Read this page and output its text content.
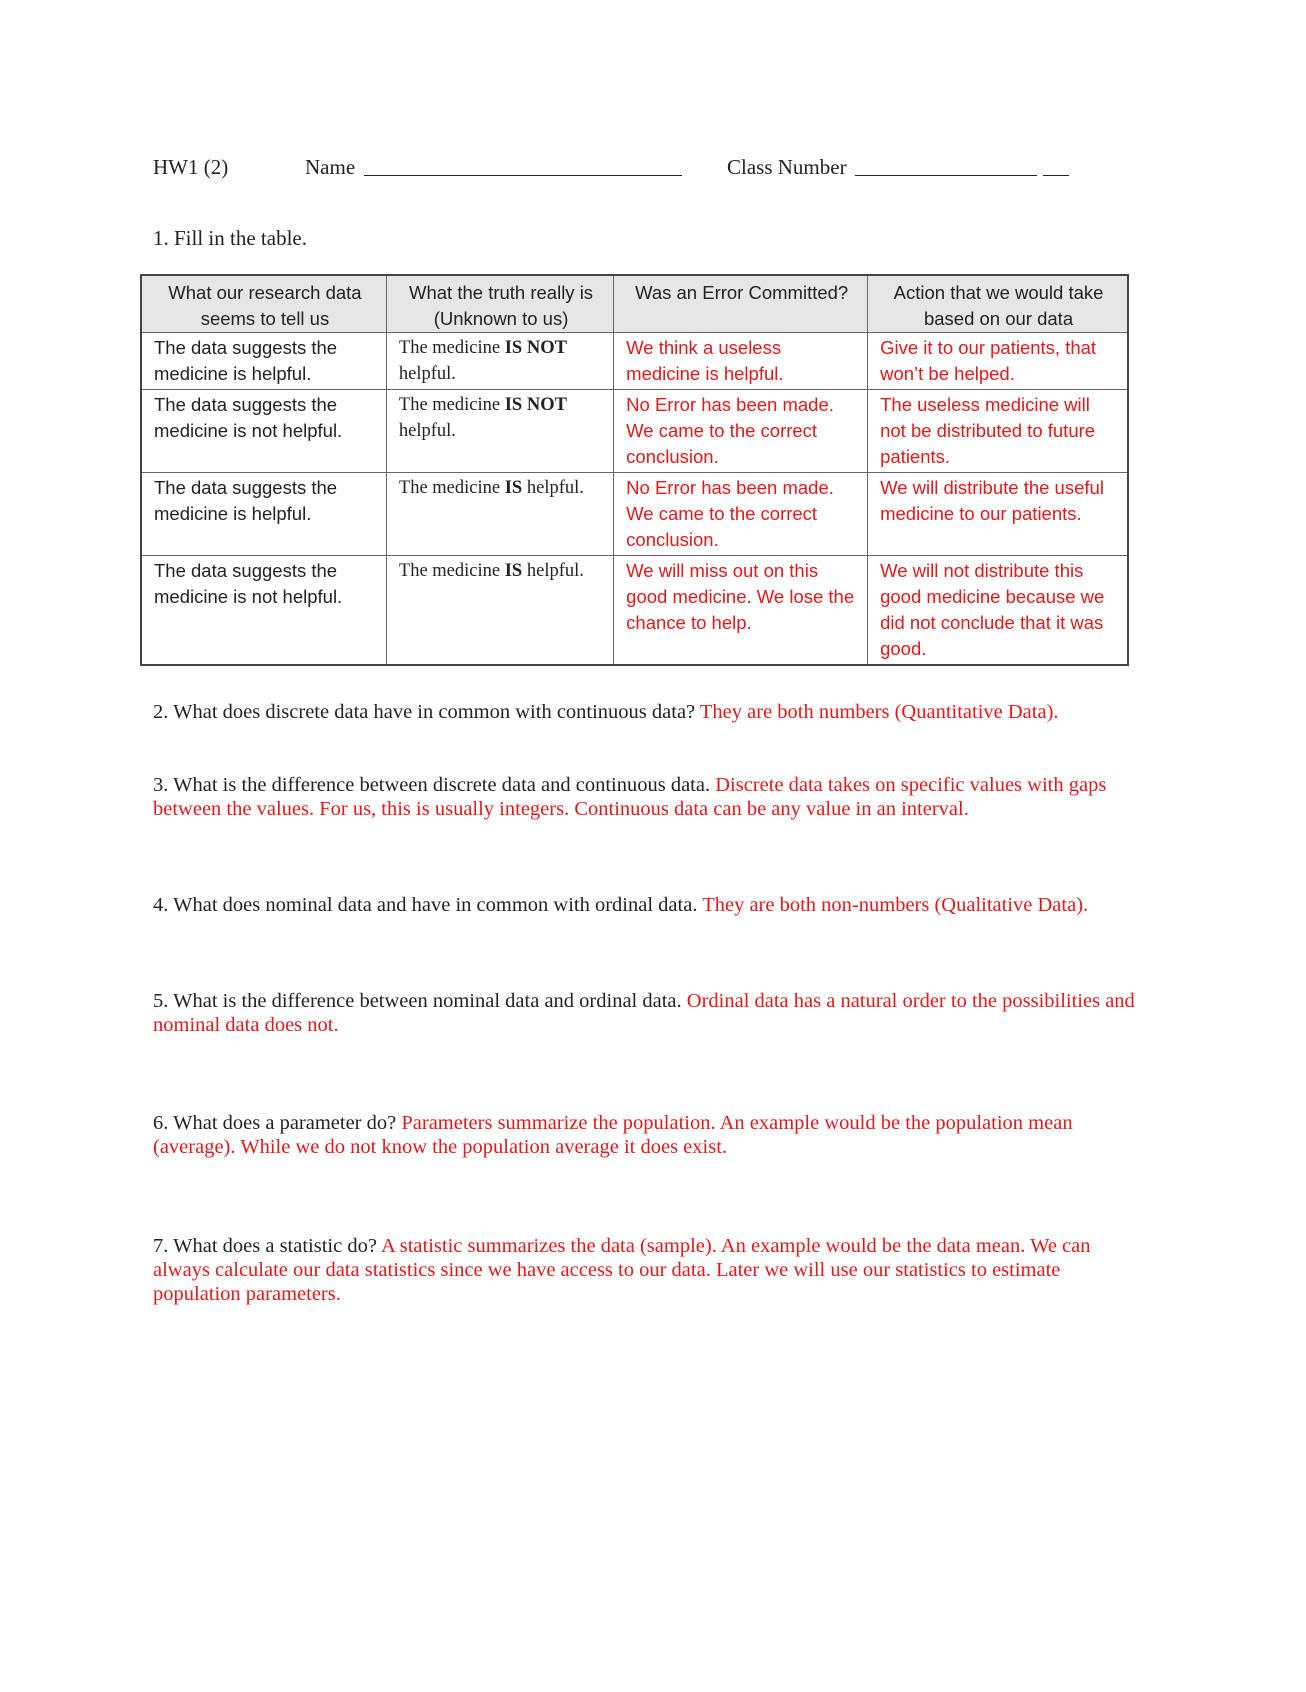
HW1 (2)	Name	Class Number
1. Fill in the table.
What our research data seems to tell us	What the truth really is (Unknown to us)	Was an Error Committed?	Action that we would take based on our data
The data suggests the medicine is helpful.	The medicine IS NOT helpful.	We think a useless medicine is helpful.	Give it to our patients, that won’t be helped.
The data suggests the medicine is not helpful.	The medicine IS NOT helpful.	No Error has been made. We came to the correct conclusion.	The useless medicine will not be distributed to future patients.
The data suggests the medicine is helpful.	The medicine IS helpful.	No Error has been made. We came to the correct conclusion.	We will distribute the useful medicine to our patients.
The data suggests the medicine is not helpful.	The medicine IS helpful.	We will miss out on this good medicine. We lose the chance to help.	We will not distribute this good medicine because we did not conclude that it was good.
2. What does discrete data have in common with continuous data? They are both numbers (Quantitative Data).
3. What is the difference between discrete data and continuous data. Discrete data takes on specific values with gaps between the values. For us, this is usually integers. Continuous data can be any value in an interval.
4. What does nominal data and have in common with ordinal data. They are both non-numbers (Qualitative Data).
5. What is the difference between nominal data and ordinal data. Ordinal data has a natural order to the possibilities and nominal data does not.
6. What does a parameter do? Parameters summarize the population. An example would be the population mean (average). While we do not know the population average it does exist.
7. What does a statistic do? A statistic summarizes the data (sample). An example would be the data mean. We can always calculate our data statistics since we have access to our data. Later we will use our statistics to estimate population parameters.
